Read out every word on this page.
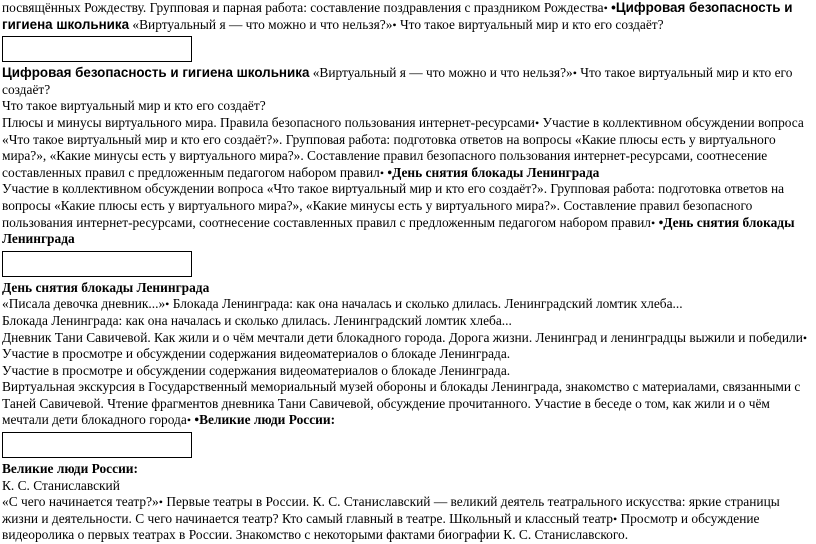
посвящённых Рождеству. Групповая и парная работа: составление поздравления с праздником Рождества• •Цифровая безопасность и гигиена школьника «Виртуальный я — что можно и что нельзя?»• Что такое виртуальный мир и кто его создаёт?

Цифровая безопасность и гигиена школьника «Виртуальный я — что можно и что нельзя?»• Что такое виртуальный мир и кто его создаёт?

Что такое виртуальный мир и кто его создаёт?

Плюсы и минусы виртуального мира. Правила безопасного пользования интернет-ресурсами• Участие в коллективном обсуждении вопроса «Что такое виртуальный мир и кто его создаёт?». Групповая работа: подготовка ответов на вопросы «Какие плюсы есть у виртуального мира?», «Какие минусы есть у виртуального мира?». Составление правил безопасного пользования интернет-ресурсами, соотнесение составленных правил с предложенным педагогом набором правил• •День снятия блокады Ленинграда

Участие в коллективном обсуждении вопроса «Что такое виртуальный мир и кто его создаёт?». Групповая работа: подготовка ответов на вопросы «Какие плюсы есть у виртуального мира?», «Какие минусы есть у виртуального мира?». Составление правил безопасного пользования интернет-ресурсами, соотнесение составленных правил с предложенным педагогом набором правил• •День снятия блокады Ленинграда

День снятия блокады Ленинграда

«Писала девочка дневник...»• Блокада Ленинграда: как она началась и сколько длилась. Ленинградский ломтик хлеба...

Блокада Ленинграда: как она началась и сколько длилась. Ленинградский ломтик хлеба...

Дневник Тани Савичевой. Как жили и о чём мечтали дети блокадного города. Дорога жизни. Ленинград и ленинградцы выжили и победили• Участие в просмотре и обсуждении содержания видеоматериалов о блокаде Ленинграда.

Участие в просмотре и обсуждении содержания видеоматериалов о блокаде Ленинграда.

Виртуальная экскурсия в Государственный мемориальный музей обороны и блокады Ленинграда, знакомство с материалами, связанными с Таней Савичевой. Чтение фрагментов дневника Тани Савичевой, обсуждение прочитанного. Участие в беседе о том, как жили и о чём мечтали дети блокадного города• •Великие люди России:

Великие люди России:

К. С. Станиславский

«С чего начинается театр?»• Первые театры в России. К. С. Станиславский — великий деятель театрального искусства: яркие страницы жизни и деятельности. С чего начинается театр? Кто самый главный в театре. Школьный и классный театр• Просмотр и обсуждение видеоролика о первых театрах в России. Знакомство с некоторыми фактами биографии К. С. Станиславского.
